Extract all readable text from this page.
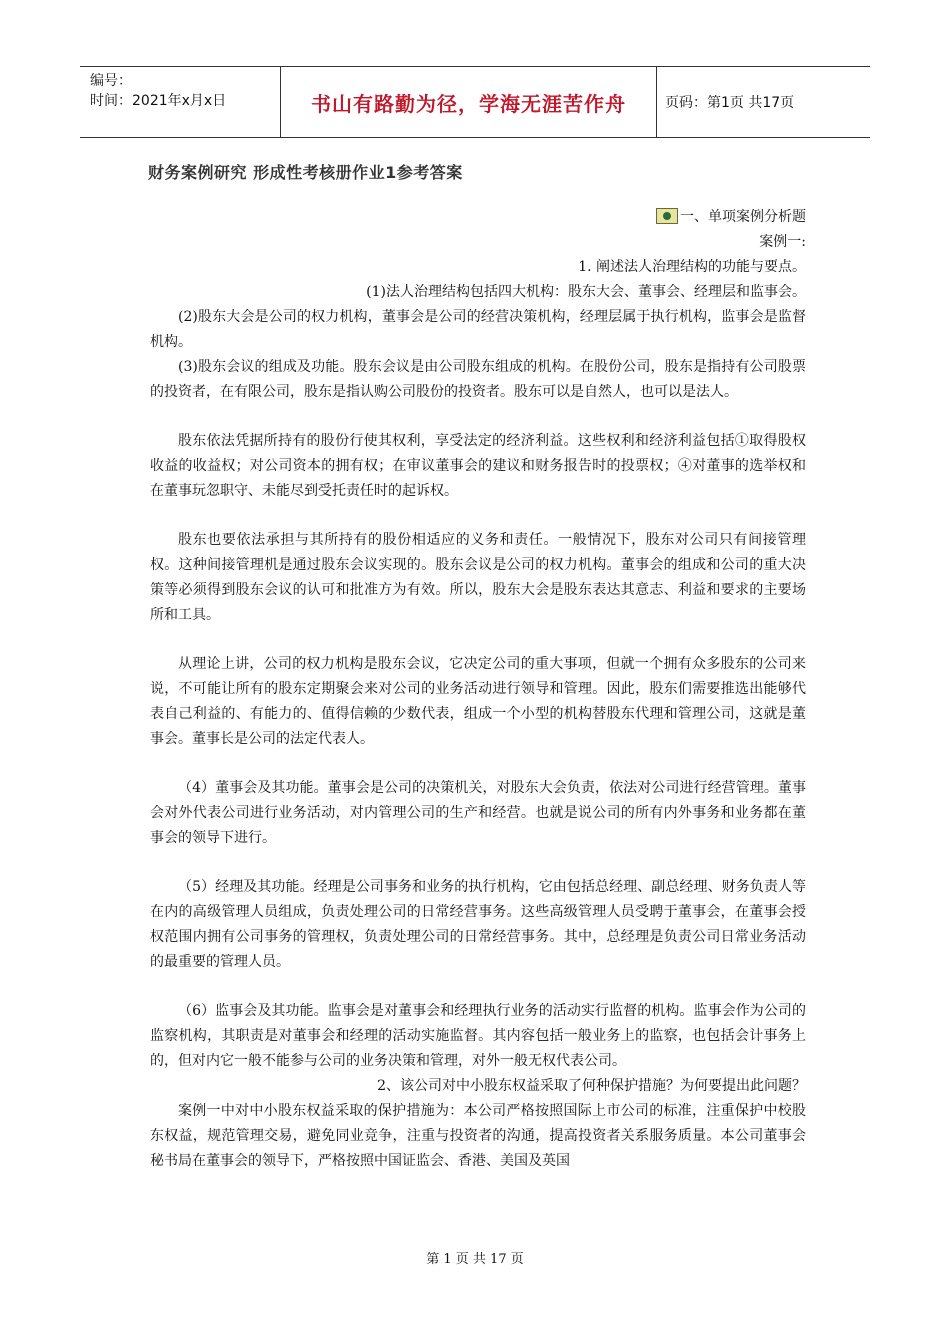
编号：
时间：2021年x月x日	书山有路勤为径，学海无涯苦作舟	页码：第1页 共17页
财务案例研究 形成性考核册作业1参考答案

一、单项案例分析题

案例一:

1. 阐述法人治理结构的功能与要点。

(1)法人治理结构包括四大机构：股东大会、董事会、经理层和监事会。

(2)股东大会是公司的权力机构，董事会是公司的经营决策机构，经理层属于执行机构，监事会是监督机构。

(3)股东会议的组成及功能。股东会议是由公司股东组成的机构。在股份公司，股东是指持有公司股票的投资者，在有限公司，股东是指认购公司股份的投资者。股东可以是自然人，也可以是法人。

股东依法凭据所持有的股份行使其权利，享受法定的经济利益。这些权利和经济利益包括①取得股权收益的收益权；对公司资本的拥有权；在审议董事会的建议和财务报告时的投票权；④对董事的选举权和在董事玩忽职守、未能尽到受托责任时的起诉权。

股东也要依法承担与其所持有的股份相适应的义务和责任。一般情况下，股东对公司只有间接管理权。这种间接管理机是通过股东会议实现的。股东会议是公司的权力机构。董事会的组成和公司的重大决策等必须得到股东会议的认可和批准方为有效。所以，股东大会是股东表达其意志、利益和要求的主要场所和工具。

从理论上讲，公司的权力机构是股东会议，它决定公司的重大事项，但就一个拥有众多股东的公司来说，不可能让所有的股东定期聚会来对公司的业务活动进行领导和管理。因此，股东们需要推选出能够代表自己利益的、有能力的、值得信赖的少数代表，组成一个小型的机构替股东代理和管理公司，这就是董事会。董事长是公司的法定代表人。

（4）董事会及其功能。董事会是公司的决策机关，对股东大会负责，依法对公司进行经营管理。董事会对外代表公司进行业务活动，对内管理公司的生产和经营。也就是说公司的所有内外事务和业务都在董事会的领导下进行。

（5）经理及其功能。经理是公司事务和业务的执行机构，它由包括总经理、副总经理、财务负责人等在内的高级管理人员组成，负责处理公司的日常经营事务。这些高级管理人员受聘于董事会，在董事会授权范围内拥有公司事务的管理权，负责处理公司的日常经营事务。其中，总经理是负责公司日常业务活动的最重要的管理人员。

（6）监事会及其功能。监事会是对董事会和经理执行业务的活动实行监督的机构。监事会作为公司的监察机构，其职责是对董事会和经理的活动实施监督。其内容包括一般业务上的监察，也包括会计事务上的，但对内它一般不能参与公司的业务决策和管理，对外一般无权代表公司。

2、该公司对中小股东权益采取了何种保护措施？为何要提出此问题？

案例一中对中小股东权益采取的保护措施为：本公司严格按照国际上市公司的标准，注重保护中校股东权益，规范管理交易，避免同业竞争，注重与投资者的沟通，提高投资者关系服务质量。本公司董事会秘书局在董事会的领导下，严格按照中国证监会、香港、美国及英国

第 1 页 共 17 页
